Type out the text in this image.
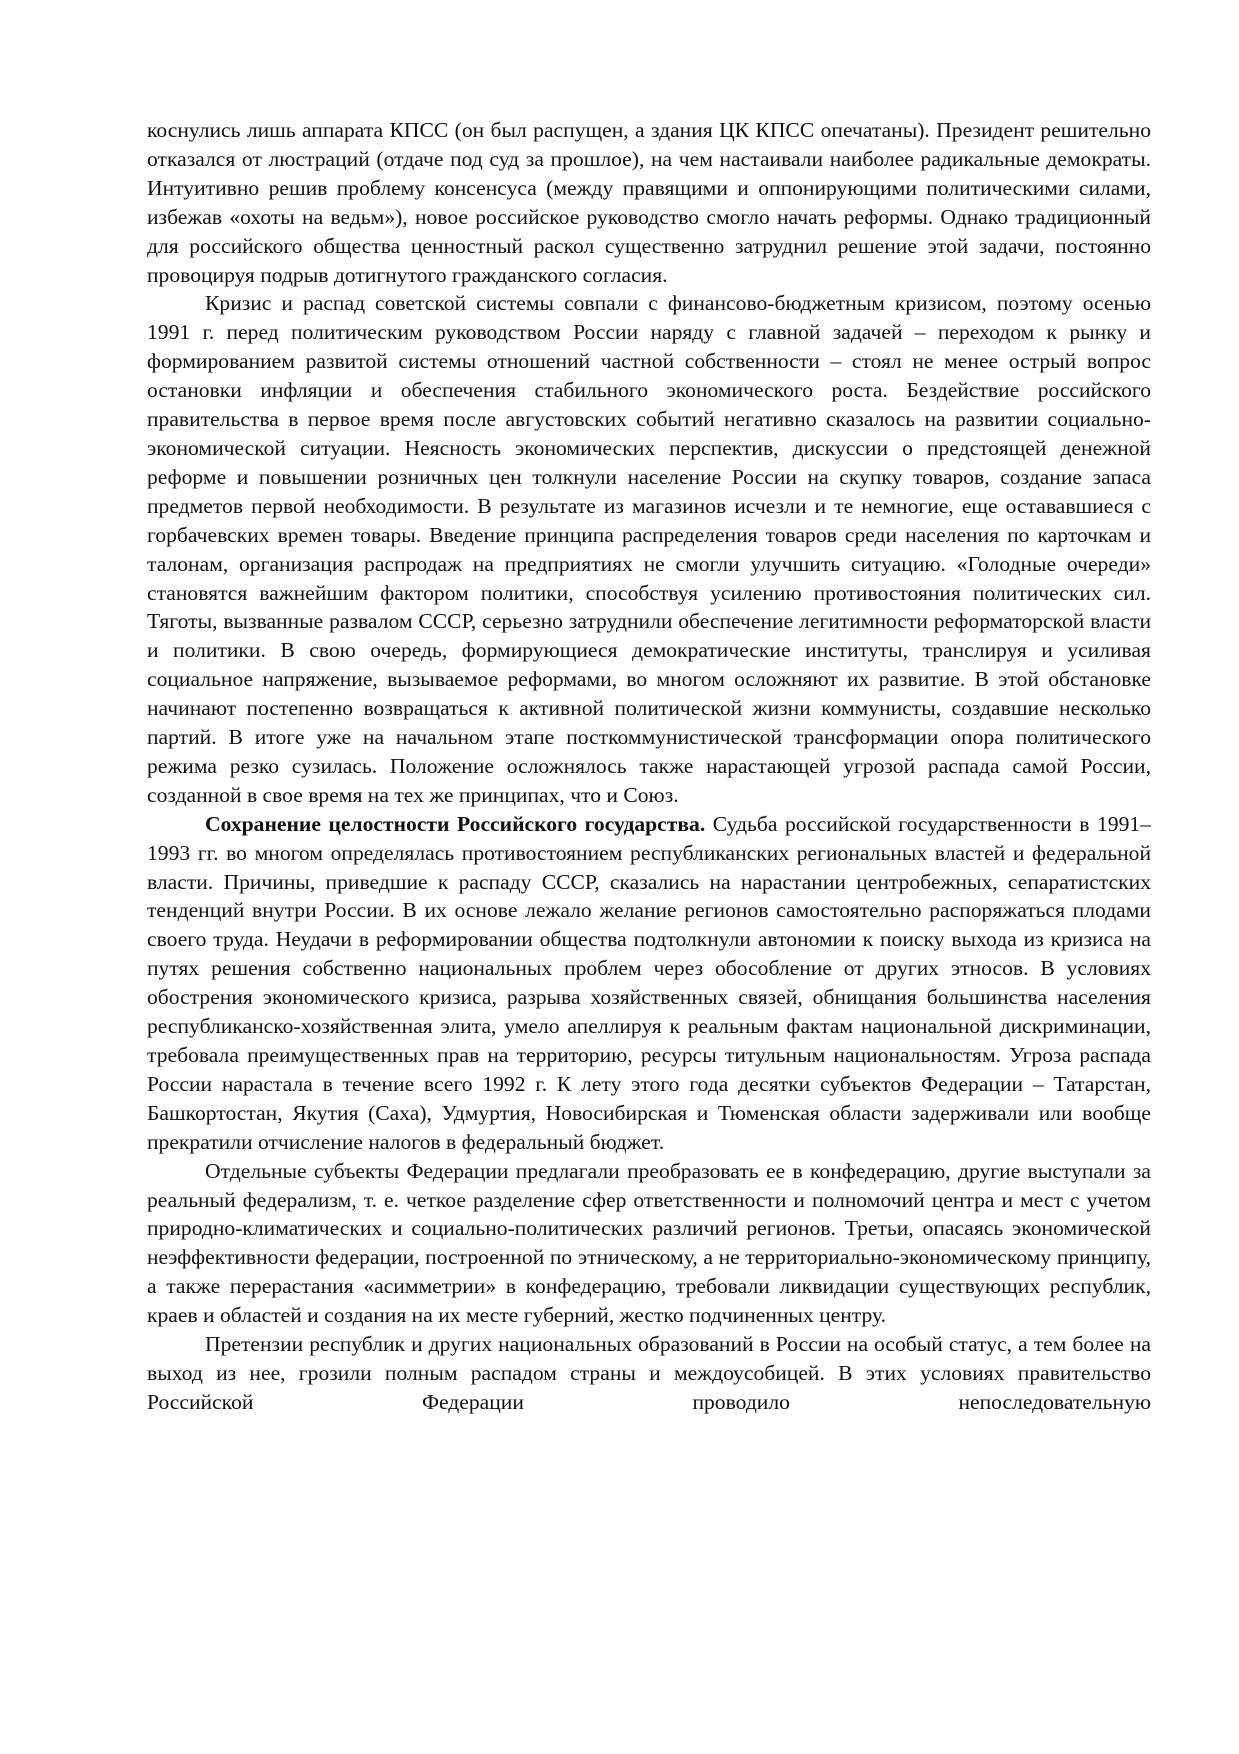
коснулись лишь аппарата КПСС (он был распущен, а здания ЦК КПСС опечатаны). Президент решительно отказался от люстраций (отдаче под суд за прошлое), на чем настаивали наиболее радикальные демократы. Интуитивно решив проблему консенсуса (между правящими и оппонирующими политическими силами, избежав «охоты на ведьм»), новое российское руководство смогло начать реформы. Однако традиционный для российского общества ценностный раскол существенно затруднил решение этой задачи, постоянно провоцируя подрыв дотигнутого гражданского согласия.

Кризис и распад советской системы совпали с финансово-бюджетным кризисом, поэтому осенью 1991 г. перед политическим руководством России наряду с главной задачей – переходом к рынку и формированием развитой системы отношений частной собственности – стоял не менее острый вопрос остановки инфляции и обеспечения стабильного экономического роста. Бездействие российского правительства в первое время после августовских событий негативно сказалось на развитии социально-экономической ситуации. Неясность экономических перспектив, дискуссии о предстоящей денежной реформе и повышении розничных цен толкнули население России на скупку товаров, создание запаса предметов первой необходимости. В результате из магазинов исчезли и те немногие, еще остававшиеся с горбачевских времен товары. Введение принципа распределения товаров среди населения по карточкам и талонам, организация распродаж на предприятиях не смогли улучшить ситуацию. «Голодные очереди» становятся важнейшим фактором политики, способствуя усилению противостояния политических сил. Тяготы, вызванные развалом СССР, серьезно затруднили обеспечение легитимности реформаторской власти и политики. В свою очередь, формирующиеся демократические институты, транслируя и усиливая социальное напряжение, вызываемое реформами, во многом осложняют их развитие. В этой обстановке начинают постепенно возвращаться к активной политической жизни коммунисты, создавшие несколько партий. В итоге уже на начальном этапе посткоммунистической трансформации опора политического режима резко сузилась. Положение осложнялось также нарастающей угрозой распада самой России, созданной в свое время на тех же принципах, что и Союз.

Сохранение целостности Российского государства. Судьба российской государственности в 1991–1993 гг. во многом определялась противостоянием республиканских региональных властей и федеральной власти. Причины, приведшие к распаду СССР, сказались на нарастании центробежных, сепаратистских тенденций внутри России. В их основе лежало желание регионов самостоятельно распоряжаться плодами своего труда. Неудачи в реформировании общества подтолкнули автономии к поиску выхода из кризиса на путях решения собственно национальных проблем через обособление от других этносов. В условиях обострения экономического кризиса, разрыва хозяйственных связей, обнищания большинства населения республиканско-хозяйственная элита, умело апеллируя к реальным фактам национальной дискриминации, требовала преимущественных прав на территорию, ресурсы титульным национальностям. Угроза распада России нарастала в течение всего 1992 г. К лету этого года десятки субъектов Федерации – Татарстан, Башкортостан, Якутия (Саха), Удмуртия, Новосибирская и Тюменская области задерживали или вообще прекратили отчисление налогов в федеральный бюджет.

Отдельные субъекты Федерации предлагали преобразовать ее в конфедерацию, другие выступали за реальный федерализм, т. е. четкое разделение сфер ответственности и полномочий центра и мест с учетом природно-климатических и социально-политических различий регионов. Третьи, опасаясь экономической неэффективности федерации, построенной по этническому, а не территориально-экономическому принципу, а также перерастания «асимметрии» в конфедерацию, требовали ликвидации существующих республик, краев и областей и создания на их месте губерний, жестко подчиненных центру.

Претензии республик и других национальных образований в России на особый статус, а тем более на выход из нее, грозили полным распадом страны и междоусобицей. В этих условиях правительство Российской Федерации проводило непоследовательную
